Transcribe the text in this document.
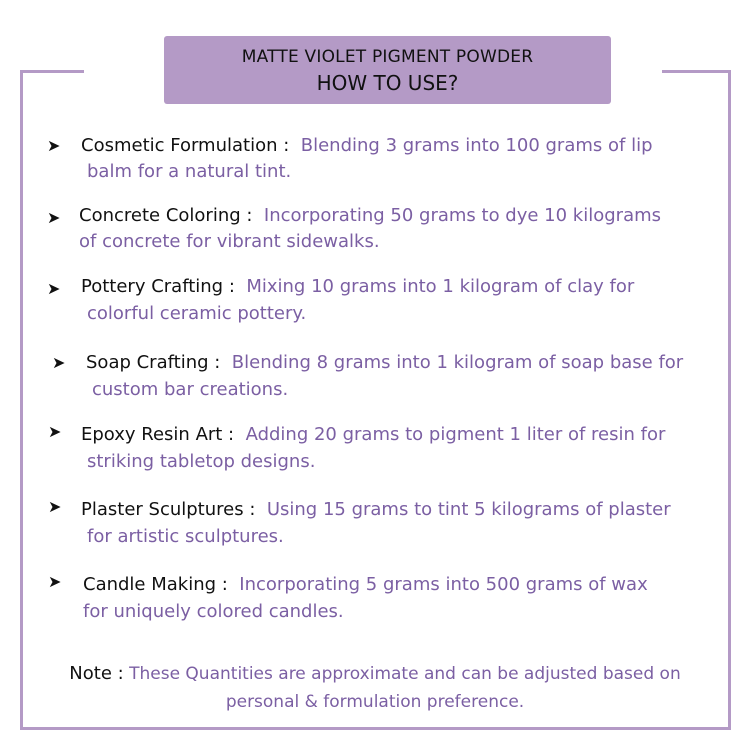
MATTE VIOLET PIGMENT POWDER
HOW TO USE?
➤ Cosmetic Formulation : Blending 3 grams into 100 grams of lip
balm for a natural tint.
➤ Concrete Coloring : Incorporating 50 grams to dye 10 kilograms
of concrete for vibrant sidewalks.
➤ Pottery Crafting : Mixing 10 grams into 1 kilogram of clay for
colorful ceramic pottery.
➤ Soap Crafting : Blending 8 grams into 1 kilogram of soap base for
custom bar creations.
➤ Epoxy Resin Art : Adding 20 grams to pigment 1 liter of resin for
striking tabletop designs.
➤ Plaster Sculptures : Using 15 grams to tint 5 kilograms of plaster
for artistic sculptures.
➤ Candle Making : Incorporating 5 grams into 500 grams of wax
for uniquely colored candles.
Note : These Quantities are approximate and can be adjusted based on
personal & formulation preference.
